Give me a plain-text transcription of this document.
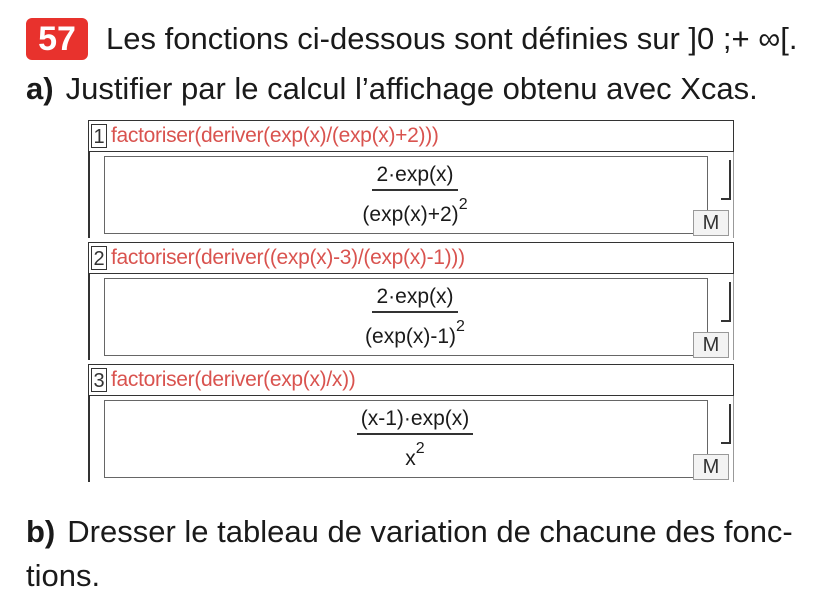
57 Les fonctions ci-dessous sont définies sur ]0 ;+ ∞[.
a) Justifier par le calcul l’affichage obtenu avec Xcas.
1 factoriser(deriver(exp(x)/(exp(x)+2)))
$\frac{2\cdot\exp(x)}{(\exp(x)+2)^2}$	M
2 factoriser(deriver((exp(x)-3)/(exp(x)-1)))
$\frac{2\cdot\exp(x)}{(\exp(x)-1)^2}$	M
3 factoriser(deriver(exp(x)/x))
$\frac{(x-1)\cdot\exp(x)}{x^2}$	M
b) Dresser le tableau de variation de chacune des fonc-
tions.
